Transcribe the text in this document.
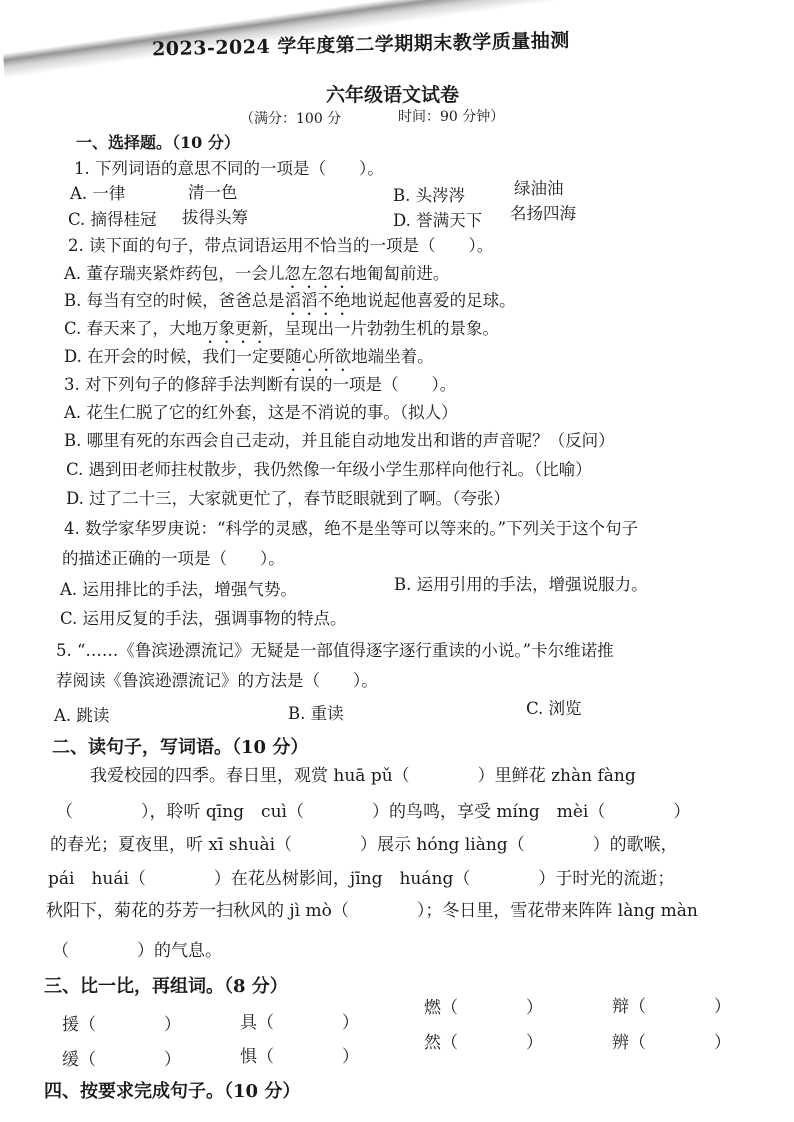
2023-2024 学年度第二学期期末教学质量抽测
六年级语文试卷
（满分：100 分	时间：90 分钟）
一、选择题。（10 分）
1. 下列词语的意思不同的一项是（　　）。
A. 一律	清一色	B. 头涔涔	绿油油
C. 摘得桂冠 拔得头筹	D. 誉满天下 名扬四海
2. 读下面的句子，带点词语运用不恰当的一项是（　　）。
A. 董存瑞夹紧炸药包，一会儿忽左忽右地匍匐前进。
B. 每当有空的时候，爸爸总是滔滔不绝地说起他喜爱的足球。
C. 春天来了，大地万象更新，呈现出一片勃勃生机的景象。
D. 在开会的时候，我们一定要随心所欲地端坐着。
3. 对下列句子的修辞手法判断有误的一项是（　　）。
A. 花生仁脱了它的红外套，这是不消说的事。（拟人）
B. 哪里有死的东西会自己走动，并且能自动地发出和谐的声音呢？（反问）
C. 遇到田老师拄杖散步，我仍然像一年级小学生那样向他行礼。（比喻）
D. 过了二十三，大家就更忙了，春节眨眼就到了啊。（夸张）
4. 数学家华罗庚说：“科学的灵感，绝不是坐等可以等来的。”下列关于这个句子
的描述正确的一项是（　　）。
A. 运用排比的手法，增强气势。	B. 运用引用的手法，增强说服力。
C. 运用反复的手法，强调事物的特点。
5. “……《鲁滨逊漂流记》无疑是一部值得逐字逐行重读的小说。”卡尔维诺推
荐阅读《鲁滨逊漂流记》的方法是（　　）。
A. 跳读	B. 重读	C. 浏览
二、读句子，写词语。（10 分）
我爱校园的四季。春日里，观赏 huā pǔ（　　　　）里鲜花 zhàn fàng
（　　　　），聆听 qīng　cuì（　　　　）的鸟鸣，享受 míng　mèi（　　　　）
的春光；夏夜里，听 xī shuài（　　　　）展示 hóng liàng（　　　　）的歌喉，
pái　huái（　　　　）在花丛树影间，jīng　huáng（　　　　）于时光的流逝；
秋阳下，菊花的芬芳一扫秋风的 jì mò（　　　　）；冬日里，雪花带来阵阵 làng màn
（　　　　）的气息。
三、比一比，再组词。（8 分）
援（　　　　）	具（　　　　）
燃（　　　　）	辩（　　　　）
缓（　　　　）	惧（　　　　）
然（　　　　）	辨（　　　　）
四、按要求完成句子。（10 分）
